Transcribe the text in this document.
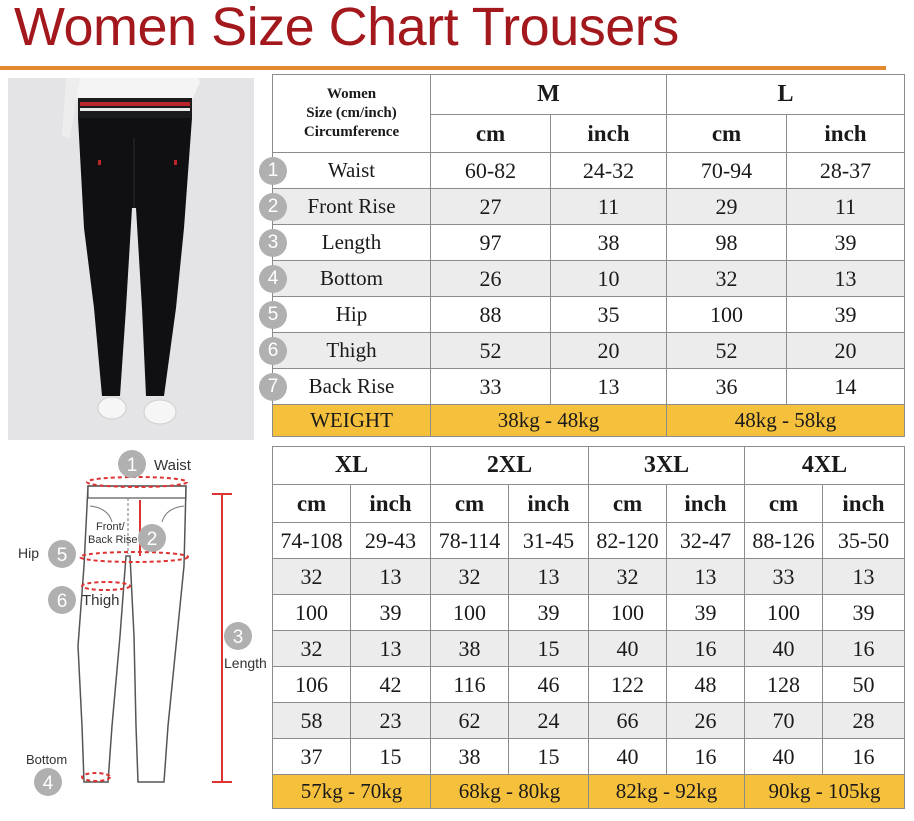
Women Size Chart Trousers
1 Waist
2
Front/
Back Rise
5
Hip
6 Thigh
3
Length
Bottom
4
Women
Size (cm/inch)
Circumference	M		L	
	cm	inch	cm	inch

1 Waist	60-82	24-32	70-94	28-37

2 Front Rise	27	11	29	11

3 Length	97	38	98	39

4 Bottom	26	10	32	13

5 Hip	88	35	100	39

6 Thigh	52	20	52	20

7 Back Rise	33	13	36	14
WEIGHT	38kg - 48kg		48kg - 58kg	
XL		2XL		3XL		4XL	
cm	inch	cm	inch	cm	inch	cm	inch
74-108	29-43	78-114	31-45	82-120	32-47	88-126	35-50
32	13	32	13	32	13	33	13
100	39	100	39	100	39	100	39
32	13	38	15	40	16	40	16
106	42	116	46	122	48	128	50
58	23	62	24	66	26	70	28
37	15	38	15	40	16	40	16
57kg - 70kg		68kg - 80kg		82kg - 92kg		90kg - 105kg	
